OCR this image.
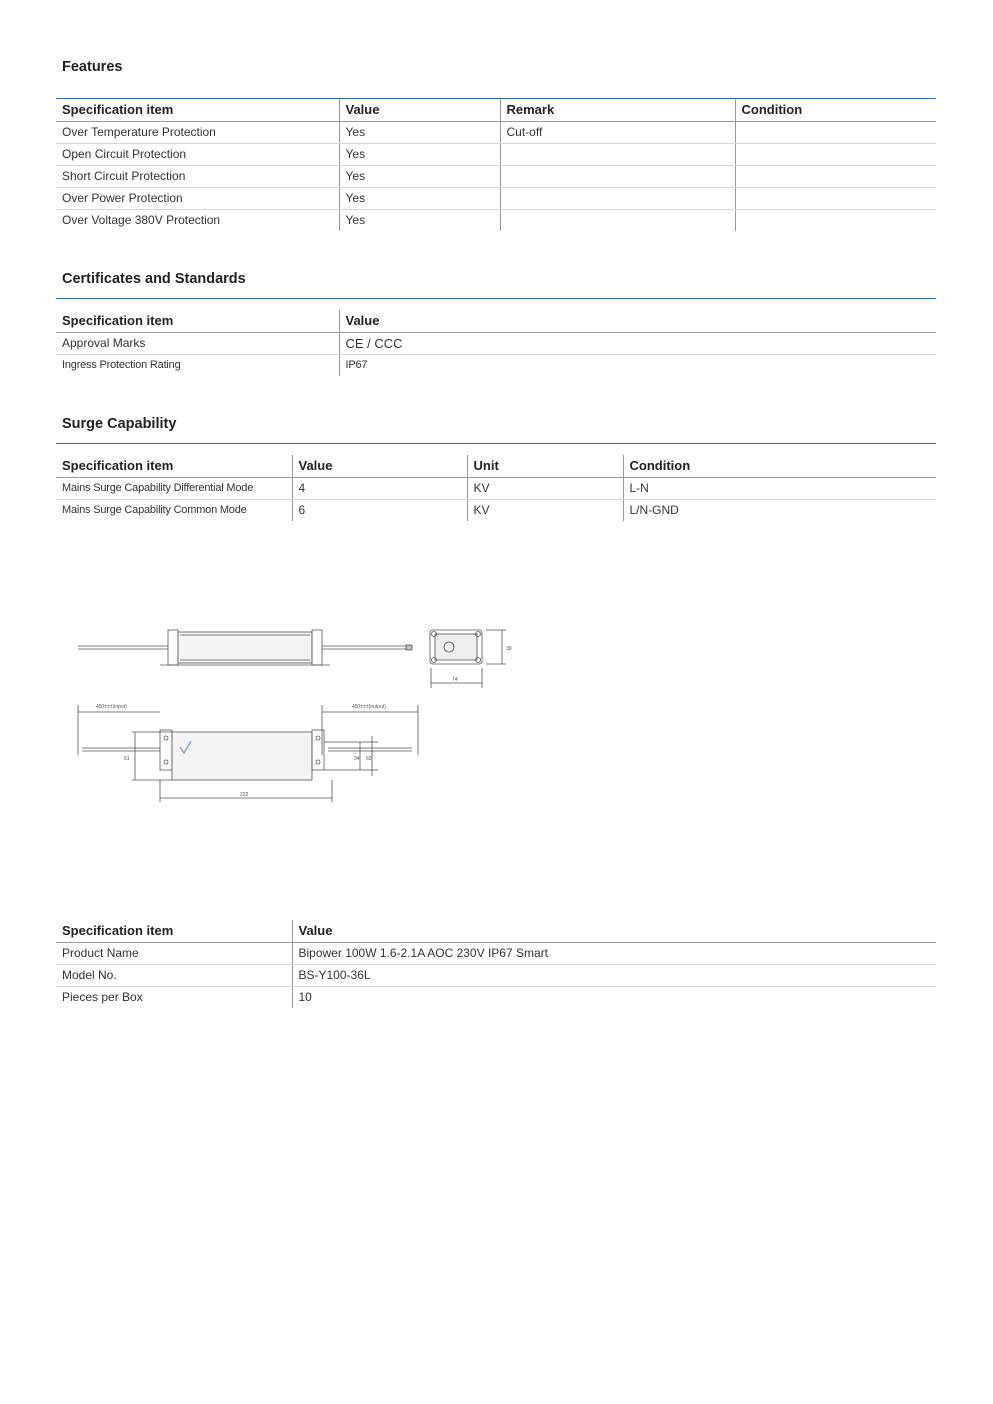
Features
Specification item	Value	Remark	Condition
Over Temperature Protection	Yes	Cut-off	
Open Circuit Protection	Yes		
Short Circuit Protection	Yes		
Over Power Protection	Yes		
Over Voltage 380V Protection	Yes		
Certificates and Standards
Specification item	Value
Approval Marks	CE / CCC
Ingress Protection Rating	IP67
Surge Capability
Specification item	Value	Unit	Condition
Mains Surge Capability Differential Mode	4	KV	L-N
Mains Surge Capability Common Mode	6	KV	L/N-GND
450±±±(input)	450±±±(output)
74
39
222
61	34 60
Specification item	Value
Product Name	Bipower 100W 1.6-2.1A AOC 230V IP67 Smart
Model No.	BS-Y100-36L
Pieces per Box	10
